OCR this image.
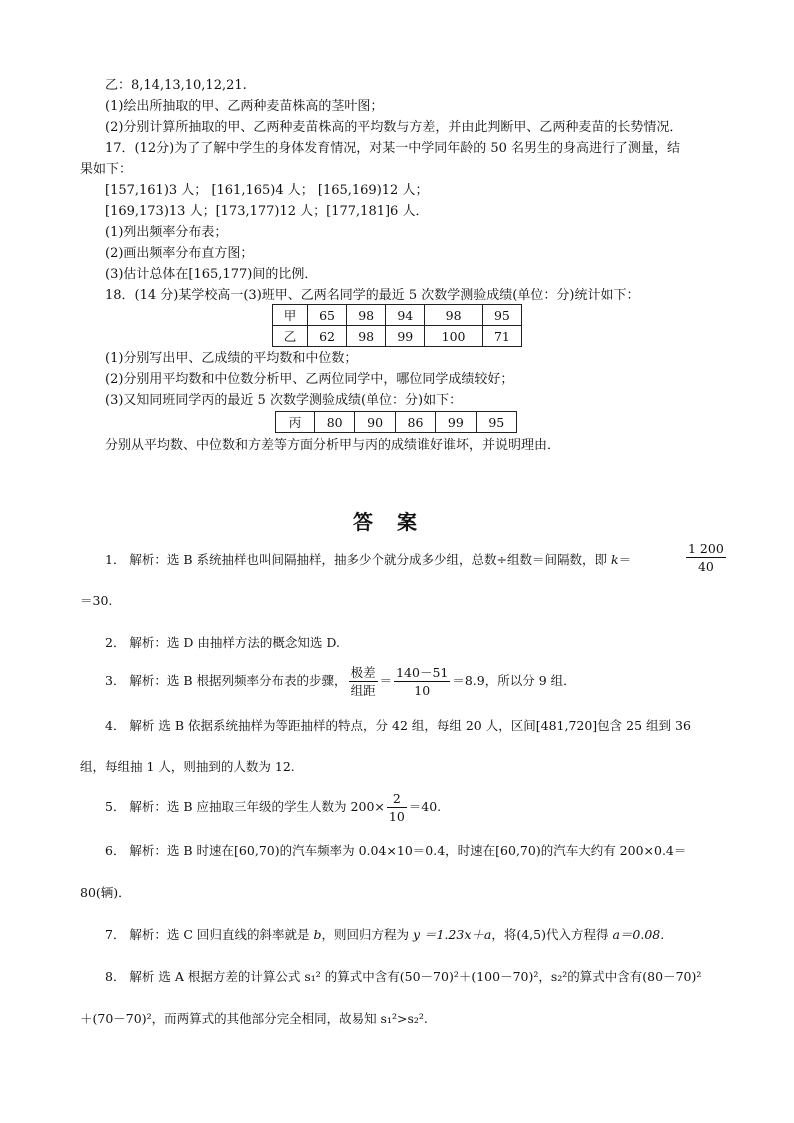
乙：8,14,13,10,12,21.
(1)绘出所抽取的甲、乙两种麦苗株高的茎叶图；
(2)分别计算所抽取的甲、乙两种麦苗株高的平均数与方差，并由此判断甲、乙两种麦苗的长势情况．
17．(12分)为了了解中学生的身体发育情况，对某一中学同年龄的 50 名男生的身高进行了测量，结
果如下：
[157,161)3 人； [161,165)4 人； [165,169)12 人；
[169,173)13 人；[173,177)12 人；[177,181]6 人．
(1)列出频率分布表；
(2)画出频率分布直方图；
(3)估计总体在[165,177)间的比例．
18．(14 分)某学校高一(3)班甲、乙两名同学的最近 5 次数学测验成绩(单位：分)统计如下：
甲	65	98	94	98	95
乙	62	98	99	100	71
(1)分别写出甲、乙成绩的平均数和中位数；
(2)分别用平均数和中位数分析甲、乙两位同学中，哪位同学成绩较好；
(3)又知同班同学丙的最近 5 次数学测验成绩(单位：分)如下：
丙	80	90	86	99	95
分别从平均数、中位数和方差等方面分析甲与丙的成绩谁好谁坏，并说明理由．
答案
1． 解析：选 B 系统抽样也叫间隔抽样，抽多少个就分成多少组，总数÷组数＝间隔数，即 k＝	$\frac{1 200}{40}$
＝30.
2． 解析：选 D 由抽样方法的概念知选 D.
3． 解析：选 B 根据列频率分布表的步骤， $\frac{\text{极差}}{\text{组距}} = \frac{140-51}{10} =8.9$，所以分 9 组．
4． 解析 选 B 依据系统抽样为等距抽样的特点，分 42 组，每组 20 人，区间[481,720]包含 25 组到 36
组，每组抽 1 人，则抽到的人数为 12.
5． 解析：选 B 应抽取三年级的学生人数为 $200\times \frac{2}{10} =40$.
6． 解析：选 B 时速在[60,70)的汽车频率为 0.04×10＝0.4，时速在[60,70)的汽车大约有 200×0.4＝
80(辆)．
7． 解析：选 C 回归直线的斜率就是 b，则回归方程为 y ＝1.23x＋a，将(4,5)代入方程得 a＝0.08.
8． 解析 选 A 根据方差的计算公式 s₁² 的算式中含有(50－70)²＋(100－70)²，s₂²的算式中含有(80－70)²
＋(70－70)²，而两算式的其他部分完全相同，故易知 s₁²>s₂².
